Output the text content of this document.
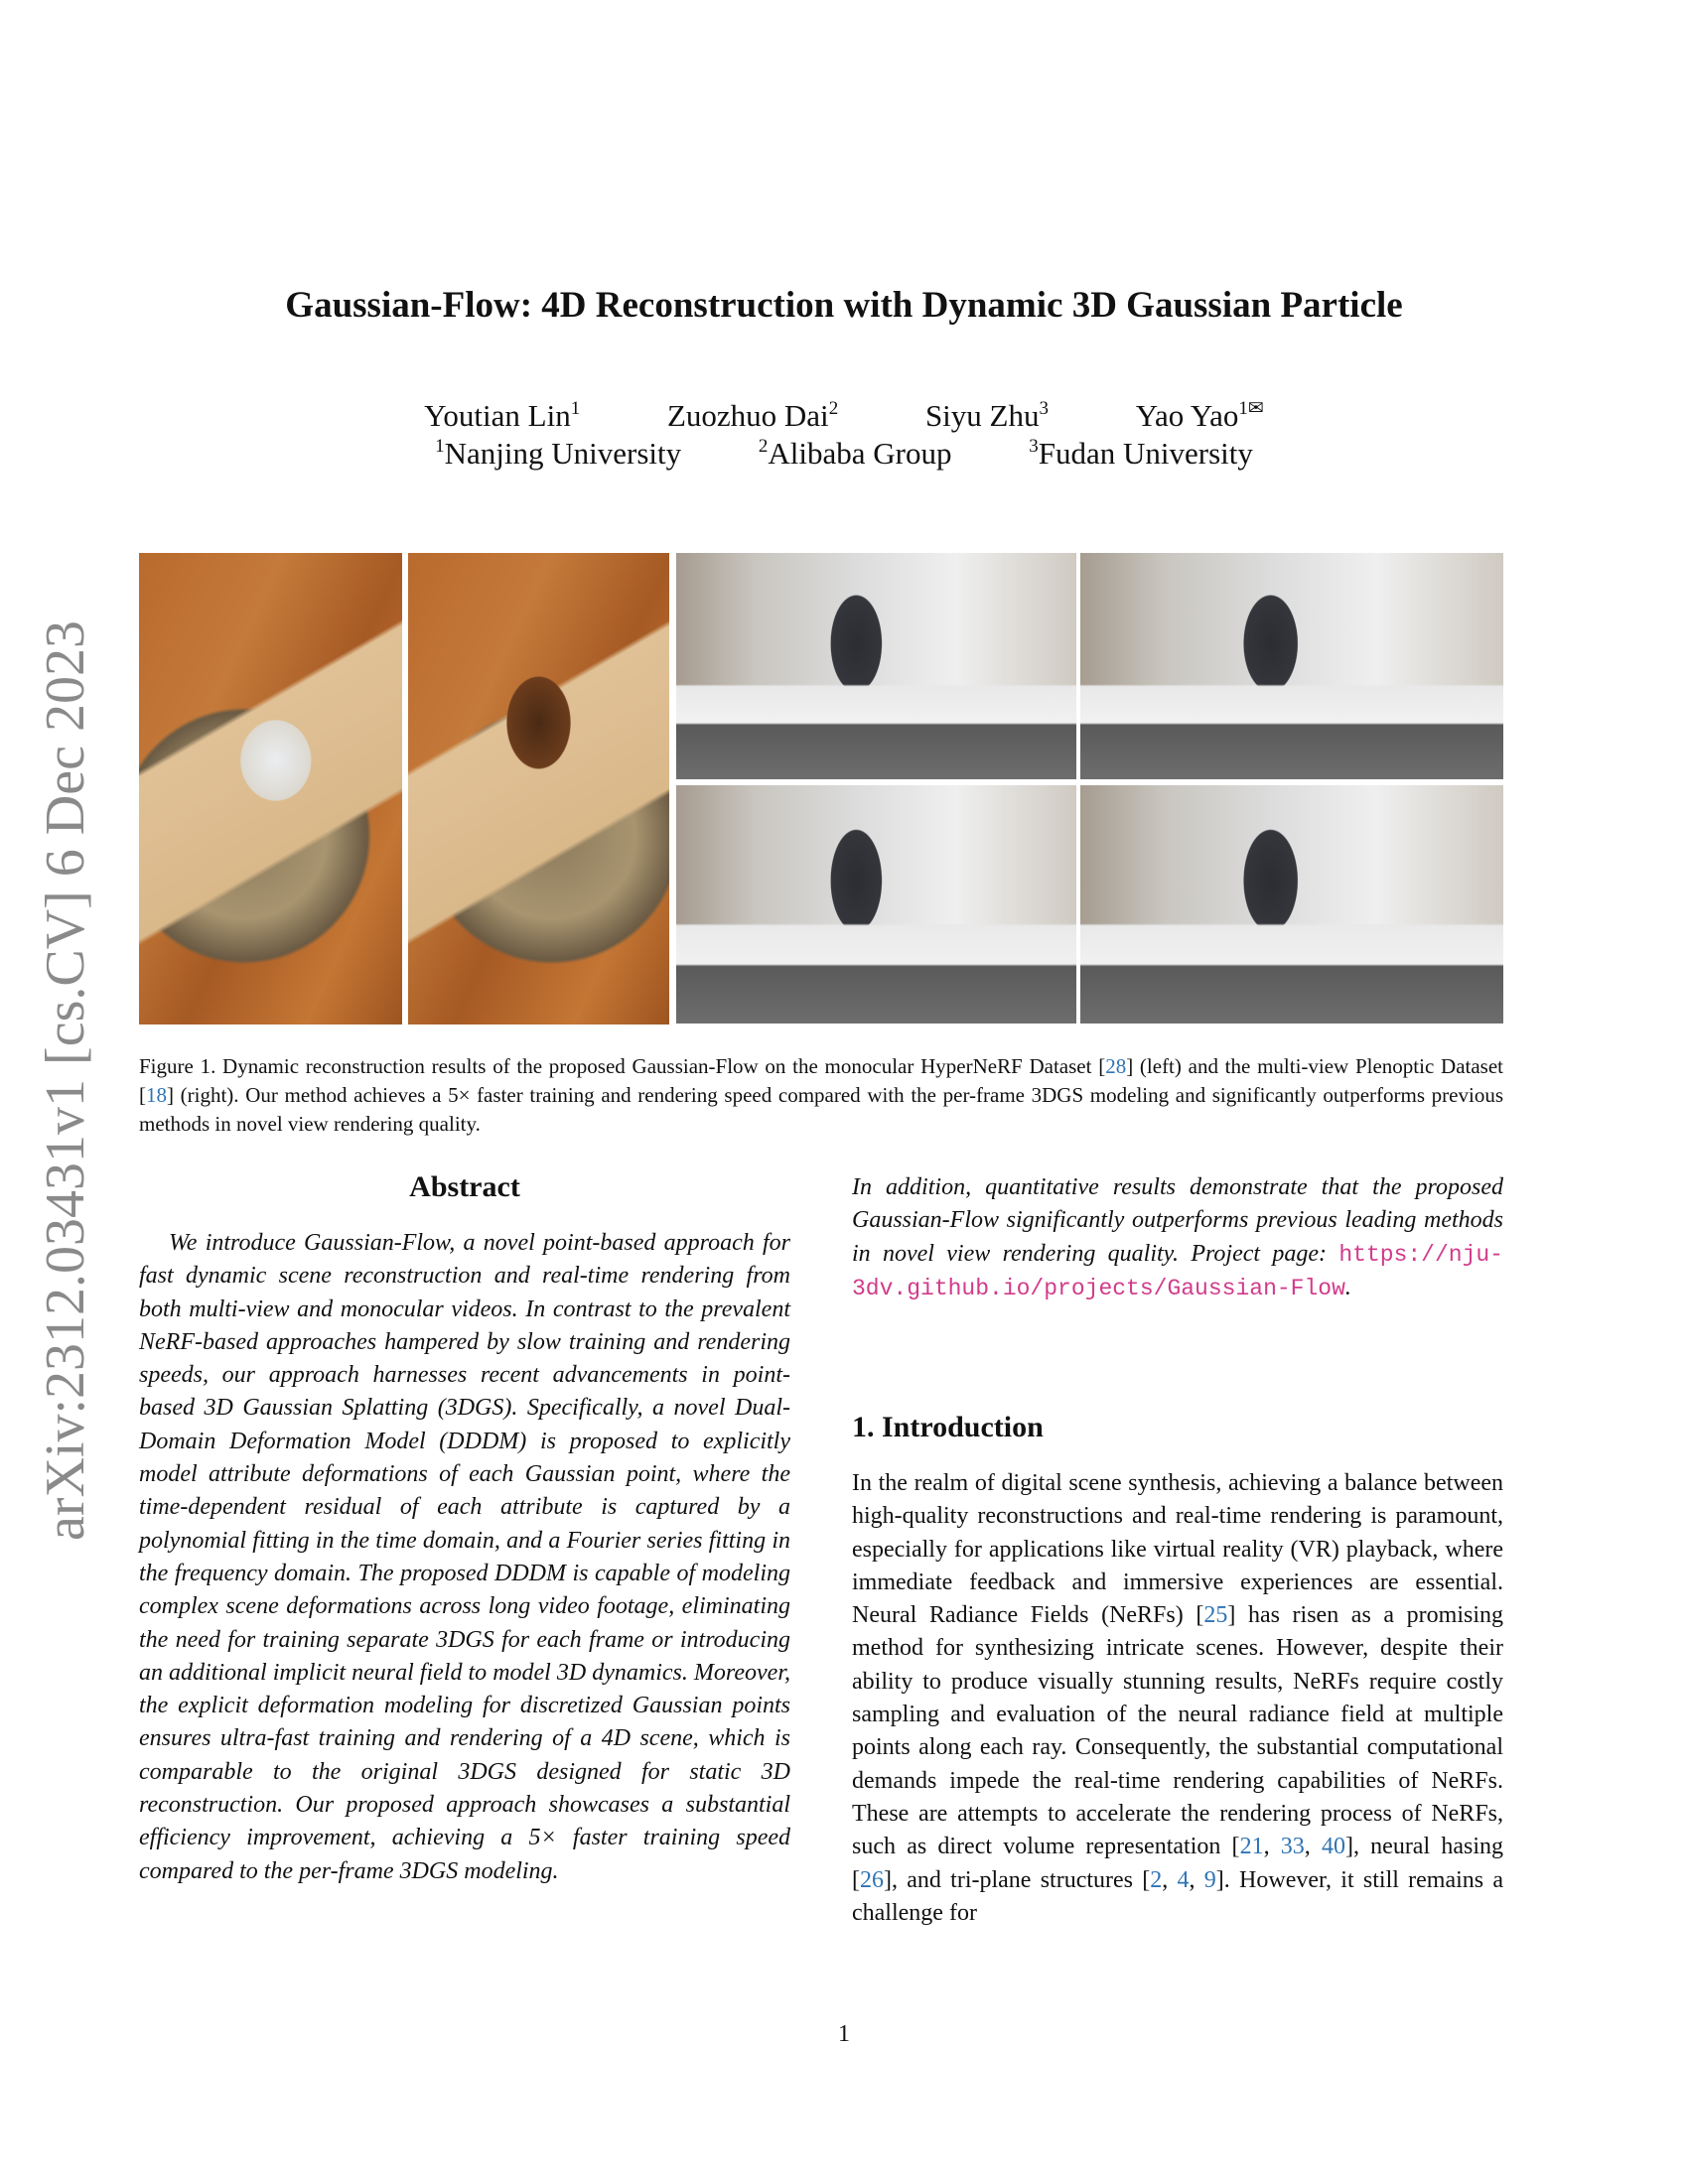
arXiv:2312.03431v1 [cs.CV] 6 Dec 2023
Gaussian-Flow: 4D Reconstruction with Dynamic 3D Gaussian Particle
Youtian Lin$^1$	Zuozhuo Dai$^2$	Siyu Zhu$^3$	Yao Yao$^{1✉}$
$^1$Nanjing University	$^2$Alibaba Group	$^3$Fudan University

Figure 1. Dynamic reconstruction results of the proposed Gaussian-Flow on the monocular HyperNeRF Dataset [28] (left) and the multi-view Plenoptic Dataset [18] (right). Our method achieves a 5× faster training and rendering speed compared with the per-frame 3DGS modeling and significantly outperforms previous methods in novel view rendering quality.

Abstract

We introduce Gaussian-Flow, a novel point-based approach for fast dynamic scene reconstruction and real-time rendering from both multi-view and monocular videos. In contrast to the prevalent NeRF-based approaches hampered by slow training and rendering speeds, our approach harnesses recent advancements in point-based 3D Gaussian Splatting (3DGS). Specifically, a novel Dual-Domain Deformation Model (DDDM) is proposed to explicitly model attribute deformations of each Gaussian point, where the time-dependent residual of each attribute is captured by a polynomial fitting in the time domain, and a Fourier series fitting in the frequency domain. The proposed DDDM is capable of modeling complex scene deformations across long video footage, eliminating the need for training separate 3DGS for each frame or introducing an additional implicit neural field to model 3D dynamics. Moreover, the explicit deformation modeling for discretized Gaussian points ensures ultra-fast training and rendering of a 4D scene, which is comparable to the original 3DGS designed for static 3D reconstruction. Our proposed approach showcases a substantial efficiency improvement, achieving a 5× faster training speed compared to the per-frame 3DGS modeling.

In addition, quantitative results demonstrate that the proposed Gaussian-Flow significantly outperforms previous leading methods in novel view rendering quality. Project page: https://nju-3dv.github.io/projects/Gaussian-Flow.

1. Introduction

In the realm of digital scene synthesis, achieving a balance between high-quality reconstructions and real-time rendering is paramount, especially for applications like virtual reality (VR) playback, where immediate feedback and immersive experiences are essential. Neural Radiance Fields (NeRFs) [25] has risen as a promising method for synthesizing intricate scenes. However, despite their ability to produce visually stunning results, NeRFs require costly sampling and evaluation of the neural radiance field at multiple points along each ray. Consequently, the substantial computational demands impede the real-time rendering capabilities of NeRFs. These are attempts to accelerate the rendering process of NeRFs, such as direct volume representation [21, 33, 40], neural hasing [26], and tri-plane structures [2, 4, 9]. However, it still remains a challenge for

1
